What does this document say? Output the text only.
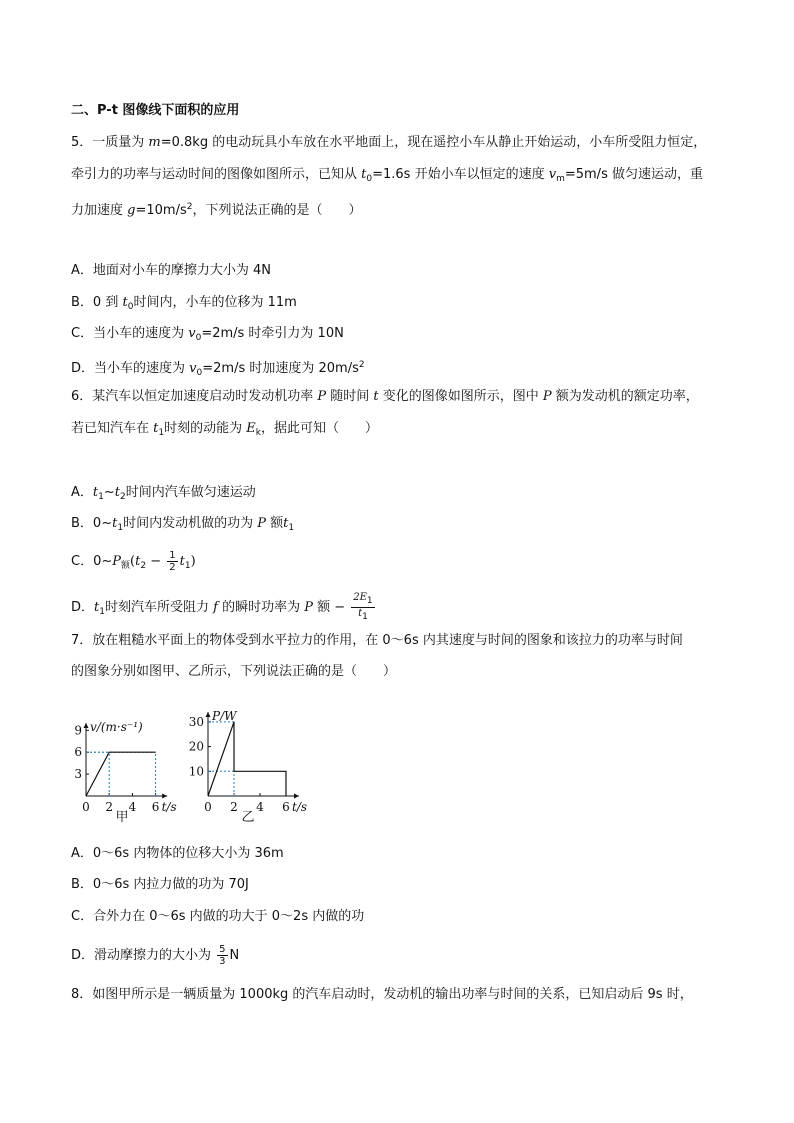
二、P-t 图像线下面积的应用
5．一质量为 m=0.8kg 的电动玩具小车放在水平地面上，现在遥控小车从静止开始运动，小车所受阻力恒定，
牵引力的功率与运动时间的图像如图所示，已知从 $t_0=1.6s$ 开始小车以恒定的速度 $v_m=5m/s$ 做匀速运动，重
力加速度 $g=10m/s^2$，下列说法正确的是（　　）
A．地面对小车的摩擦力大小为 4N
B．0 到 $t_0$时间内，小车的位移为 11m
C．当小车的速度为 $v_0=2m/s$ 时牵引力为 10N
D．当小车的速度为 $v_0=2m/s$ 时加速度为 $20m/s^2$
6．某汽车以恒定加速度启动时发动机功率 P 随时间 t 变化的图像如图所示，图中 P 额为发动机的额定功率，
若已知汽车在 $t_1$时刻的动能为 $E_k$，据此可知（　　）
A．$t_1\sim t_2$时间内汽车做匀速运动
B．$0\sim t_1$时间内发动机做的功为 P 额$t_1$
C．$0\sim P_额(t_2 - \frac{1}{2} t_1)$
D．$t_1$时刻汽车所受阻力 f 的瞬时功率为 P 额 − $\frac{2E1}{t1}$
7．放在粗糙水平面上的物体受到水平拉力的作用，在 0～6s 内其速度与时间的图象和该拉力的功率与时间
的图象分别如图甲、乙所示，下列说法正确的是（　　）
0 2 4 6
3
6
9 v/(m·s⁻¹)
t/s
甲
0 2 4 6
10
20
30 P/W
t/s
乙
A．0～6s 内物体的位移大小为 36m
B．0～6s 内拉力做的功为 70J
C．合外力在 0～6s 内做的功大于 0～2s 内做的功
D．滑动摩擦力的大小为 $\frac{5}{3}$ N
8．如图甲所示是一辆质量为 1000kg 的汽车启动时，发动机的输出功率与时间的关系，已知启动后 9s 时，
